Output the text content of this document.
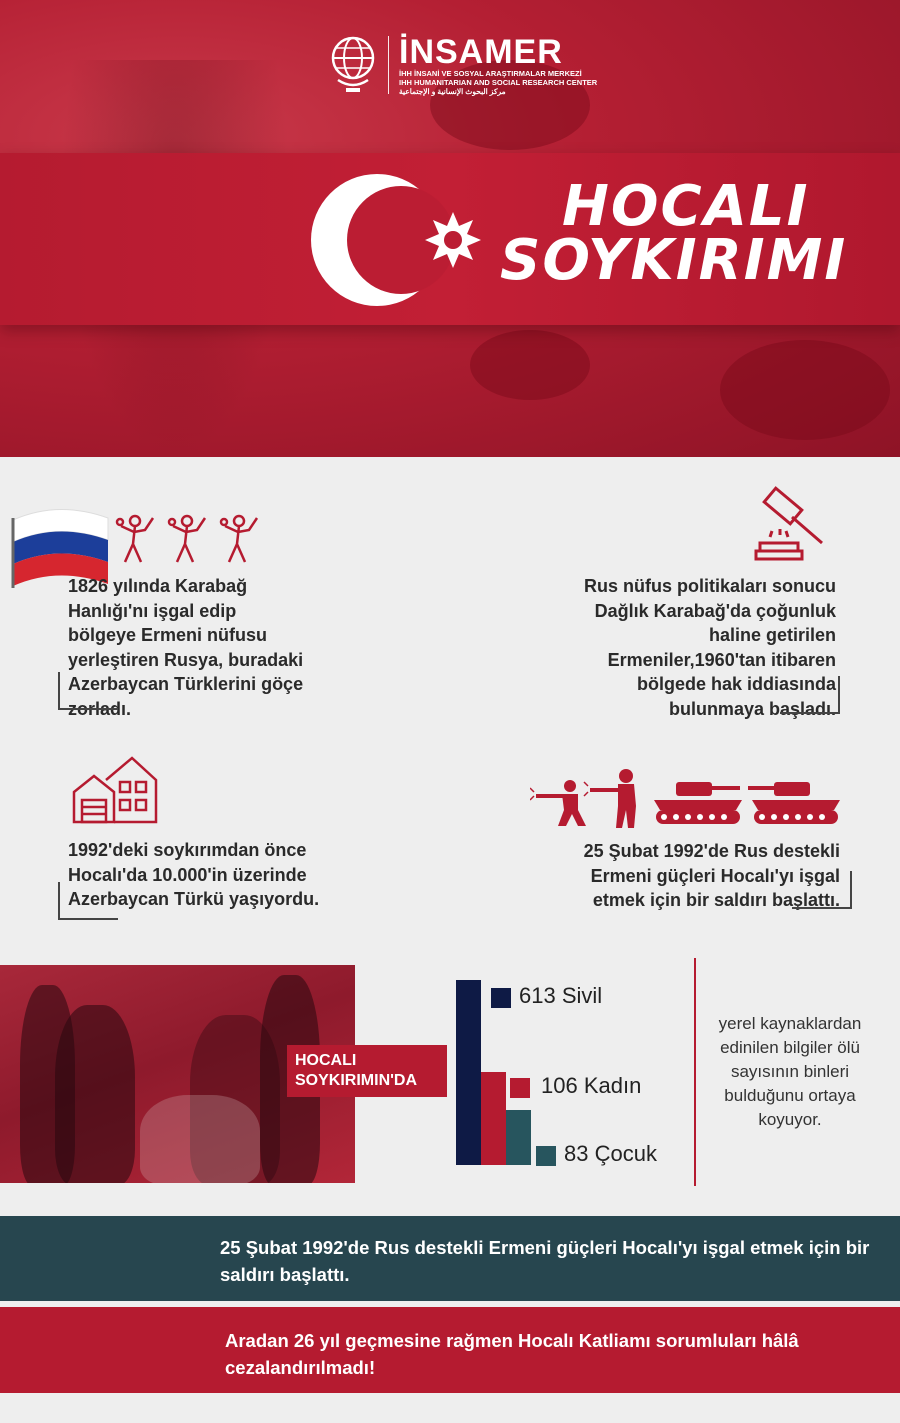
İNSAMER
İHH İNSANİ VE SOSYAL ARAŞTIRMALAR MERKEZİ
IHH HUMANITARIAN AND SOCIAL RESEARCH CENTER
مركز البحوث الإنسانية و الإجتماعية
HOCALI
SOYKIRIMI
1826 yılında Karabağ Hanlığı'nı işgal edip bölgeye Ermeni nüfusu yerleştiren Rusya, buradaki Azerbaycan Türklerini göçe zorladı.
Rus nüfus politikaları sonucu Dağlık Karabağ'da çoğunluk haline getirilen Ermeniler,1960'tan itibaren bölgede hak iddiasında bulunmaya başladı.
1992'deki soykırımdan önce Hocalı'da 10.000'in üzerinde Azerbaycan Türkü yaşıyordu.
25 Şubat 1992'de Rus destekli Ermeni güçleri Hocalı'yı işgal etmek için bir saldırı başlattı.
HOCALI SOYKIRIMIN'DA
613 Sivil
106 Kadın
83 Çocuk
yerel kaynaklardan edinilen bilgiler ölü sayısının binleri bulduğunu ortaya koyuyor.
25 Şubat 1992'de Rus destekli Ermeni güçleri Hocalı'yı işgal etmek için bir saldırı başlattı.
Aradan 26 yıl geçmesine rağmen Hocalı Katliamı sorumluları hâlâ cezalandırılmadı!
